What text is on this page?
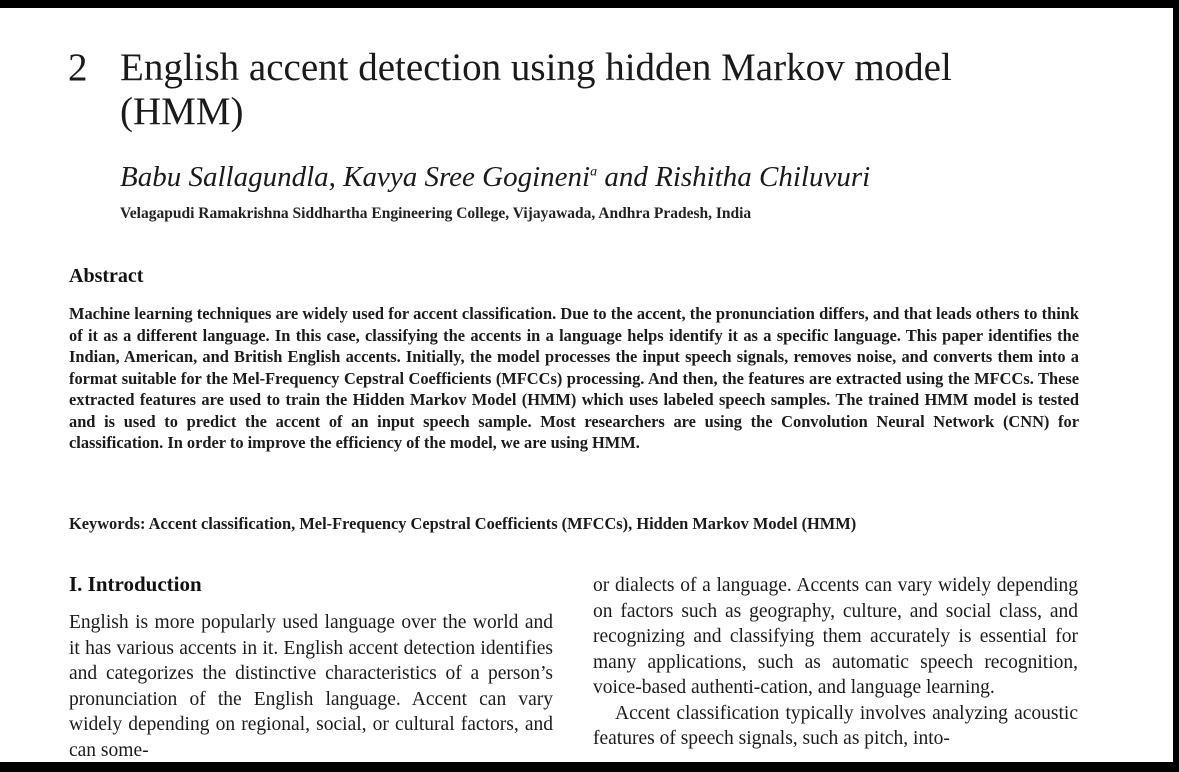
2 English accent detection using hidden Markov model (HMM)
Babu Sallagundla, Kavya Sree Gogineni$^a$ and Rishitha Chiluvuri
Velagapudi Ramakrishna Siddhartha Engineering College, Vijayawada, Andhra Pradesh, India
Abstract
Machine learning techniques are widely used for accent classification. Due to the accent, the pronunciation differs, and that leads others to think of it as a different language. In this case, classifying the accents in a language helps identify it as a specific language. This paper identifies the Indian, American, and British English accents. Initially, the model processes the input speech signals, removes noise, and converts them into a format suitable for the Mel-Frequency Cepstral Coefficients (MFCCs) processing. And then, the features are extracted using the MFCCs. These extracted features are used to train the Hidden Markov Model (HMM) which uses labeled speech samples. The trained HMM model is tested and is used to predict the accent of an input speech sample. Most researchers are using the Convolution Neural Network (CNN) for classification. In order to improve the efficiency of the model, we are using HMM.
Keywords: Accent classification, Mel-Frequency Cepstral Coefficients (MFCCs), Hidden Markov Model (HMM)
I. Introduction

English is more popularly used language over the world and it has various accents in it. English accent detection identifies and categorizes the distinctive characteristics of a person’s pronunciation of the English language. Accent can vary widely depending on regional, social, or cultural factors, and can some-

or dialects of a language. Accents can vary widely depending on factors such as geography, culture, and social class, and recognizing and classifying them accurately is essential for many applications, such as automatic speech recognition, voice-based authenti-cation, and language learning.

Accent classification typically involves analyzing acoustic features of speech signals, such as pitch, into-
